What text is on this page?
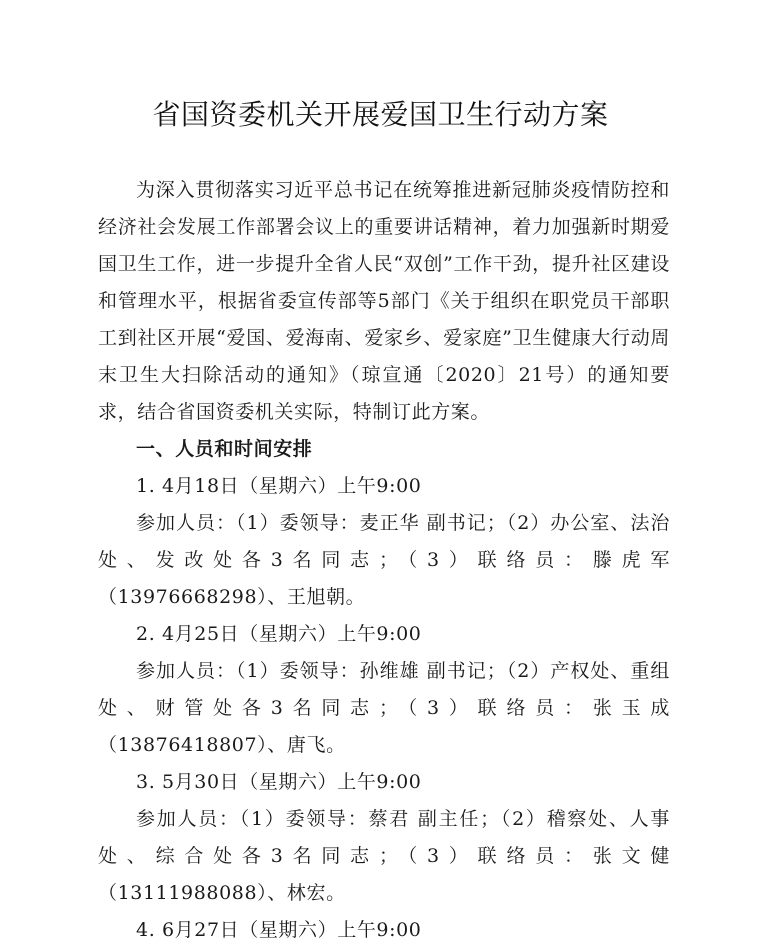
省国资委机关开展爱国卫生行动方案

为深入贯彻落实习近平总书记在统筹推进新冠肺炎疫情防控和经济社会发展工作部署会议上的重要讲话精神，着力加强新时期爱国卫生工作，进一步提升全省人民“双创”工作干劲，提升社区建设和管理水平，根据省委宣传部等5部门《关于组织在职党员干部职工到社区开展“爱国、爱海南、爱家乡、爱家庭”卫生健康大行动周末卫生大扫除活动的通知》（琼宣通〔2020〕21号）的通知要求，结合省国资委机关实际，特制订此方案。

一、人员和时间安排

1. 4月18日（星期六）上午9:00

参加人员：（1）委领导：麦正华 副书记；（2）办公室、法治处、发改处各3名同志；（3）联络员：滕虎军（13976668298）、王旭朝。

2. 4月25日（星期六）上午9:00

参加人员：（1）委领导：孙维雄 副书记；（2）产权处、重组处、财管处各3名同志；（3）联络员：张玉成（13876418807）、唐飞。

3. 5月30日（星期六）上午9:00

参加人员：（1）委领导：蔡君 副主任；（2）稽察处、人事处、综合处各3名同志；（3）联络员：张文健（13111988088）、林宏。

4. 6月27日（星期六）上午9:00
